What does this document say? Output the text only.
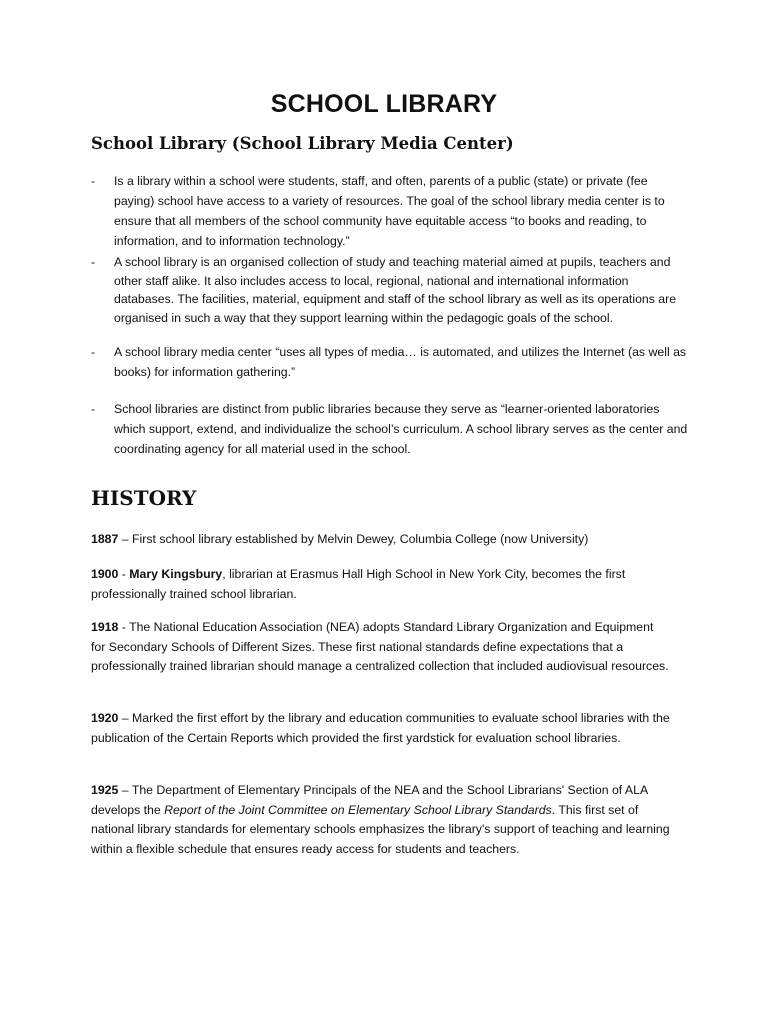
SCHOOL LIBRARY
School Library (School Library Media Center)
- Is a library within a school were students, staff, and often, parents of a public (state) or private (fee paying) school have access to a variety of resources. The goal of the school library media center is to ensure that all members of the school community have equitable access “to books and reading, to information, and to information technology.”
- A school library is an organised collection of study and teaching material aimed at pupils, teachers and other staff alike. It also includes access to local, regional, national and international information databases. The facilities, material, equipment and staff of the school library as well as its operations are organised in such a way that they support learning within the pedagogic goals of the school.
- A school library media center “uses all types of media… is automated, and utilizes the Internet (as well as books) for information gathering.”
- School libraries are distinct from public libraries because they serve as “learner-oriented laboratories which support, extend, and individualize the school’s curriculum. A school library serves as the center and coordinating agency for all material used in the school.
HISTORY
1887 – First school library established by Melvin Dewey, Columbia College (now University)
1900 - Mary Kingsbury, librarian at Erasmus Hall High School in New York City, becomes the first professionally trained school librarian.
1918 - The National Education Association (NEA) adopts Standard Library Organization and Equipment for Secondary Schools of Different Sizes. These first national standards define expectations that a professionally trained librarian should manage a centralized collection that included audiovisual resources.
1920 – Marked the first effort by the library and education communities to evaluate school libraries with the publication of the Certain Reports which provided the first yardstick for evaluation school libraries.
1925 – The Department of Elementary Principals of the NEA and the School Librarians' Section of ALA develops the Report of the Joint Committee on Elementary School Library Standards. This first set of national library standards for elementary schools emphasizes the library's support of teaching and learning within a flexible schedule that ensures ready access for students and teachers.
